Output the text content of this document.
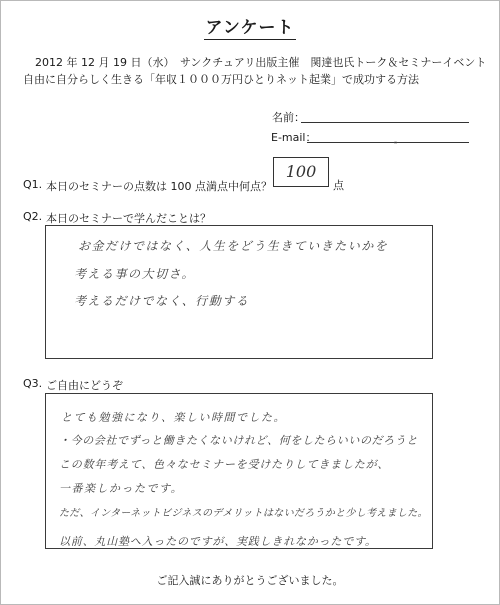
アンケート
2012 年 12 月 19 日（水）　サンクチュアリ出版主催　関達也氏トーク＆セミナーイベント
自由に自分らしく生きる「年収１０００万円ひとりネット起業」で成功する方法
名前：
E-mail：	◦
Q1. 本日のセミナーの点数は 100 点満点中何点？
100
点
Q2. 本日のセミナーで学んだことは？
お金だけではなく、人生をどう生きていきたいかを
考える事の大切さ。
考えるだけでなく、行動する
Q3. ご自由にどうぞ
とても勉強になり、楽しい時間でした。
・今の会社でずっと働きたくないけれど、何をしたらいいのだろうと
この数年考えて、色々なセミナーを受けたりしてきましたが、
一番楽しかったです。
ただ、インターネットビジネスのデメリットはないだろうかと少し考えました。
以前、丸山塾へ入ったのですが、実践しきれなかったです。
ご記入誠にありがとうございました。
